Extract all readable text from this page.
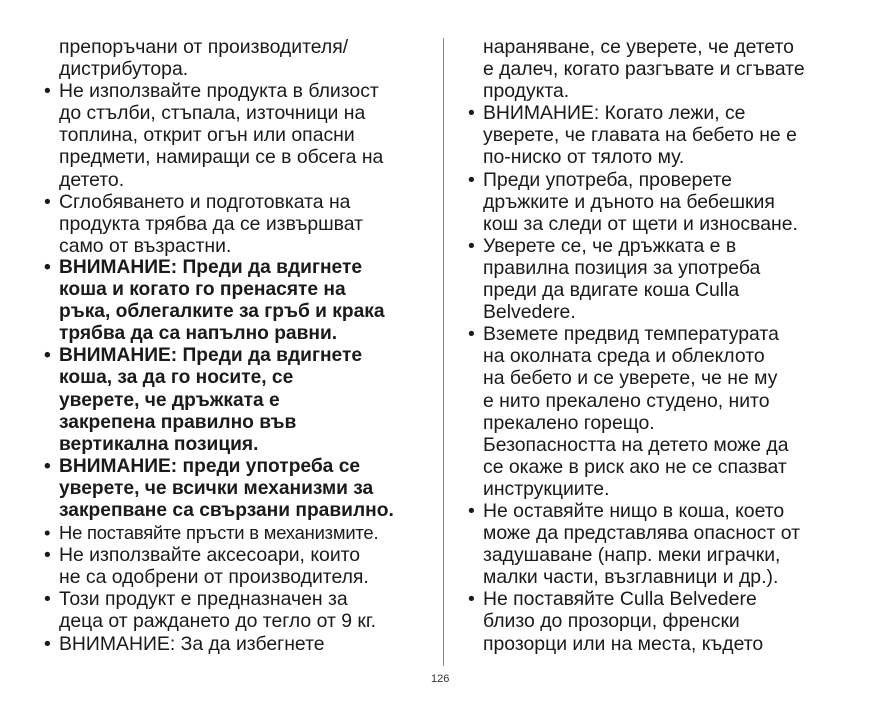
препоръчани от производителя/
дистрибутора.
• Не използвайте продукта в близост
до стълби, стъпала, източници на
топлина, открит огън или опасни
предмети, намиращи се в обсега на
детето.
• Сглобяването и подготовката на
продукта трябва да се извършват
само от възрастни.
• ВНИМАНИЕ: Преди да вдигнете
коша и когато го пренасяте на
ръка, облегалките за гръб и крака
трябва да са напълно равни.
• ВНИМАНИЕ: Преди да вдигнете
коша, за да го носите, се
уверете, че дръжката е
закрепена правилно във
вертикална позиция.
• ВНИМАНИЕ: преди употреба се
уверете, че всички механизми за
закрепване са свързани правилно.
• Не поставяйте пръсти в механизмите.
• Не използвайте аксесоари, които
не са одобрени от производителя.
• Този продукт е предназначен за
деца от раждането до тегло от 9 кг.
• ВНИМАНИЕ: За да избегнете
нараняване, се уверете, че детето
е далеч, когато разгъвате и сгъвате
продукта.
• ВНИМАНИЕ: Когато лежи, се
уверете, че главата на бебето не е
по-ниско от тялото му.
• Преди употреба, проверете
дръжките и дъното на бебешкия
кош за следи от щети и износване.
• Уверете се, че дръжката е в
правилна позиция за употреба
преди да вдигате коша Culla
Belvedere.
• Вземете предвид температурата
на околната среда и облеклото
на бебето и се уверете, че не му
е нито прекалено студено, нито
прекалено горещо.
Безопасността на детето може да
се окаже в риск ако не се спазват
инструкциите.
• Не оставяйте нищо в коша, което
може да представлява опасност от
задушаване (напр. меки играчки,
малки части, възглавници и др.).
• Не поставяйте Culla Belvedere
близо до прозорци, френски
прозорци или на места, където
126
